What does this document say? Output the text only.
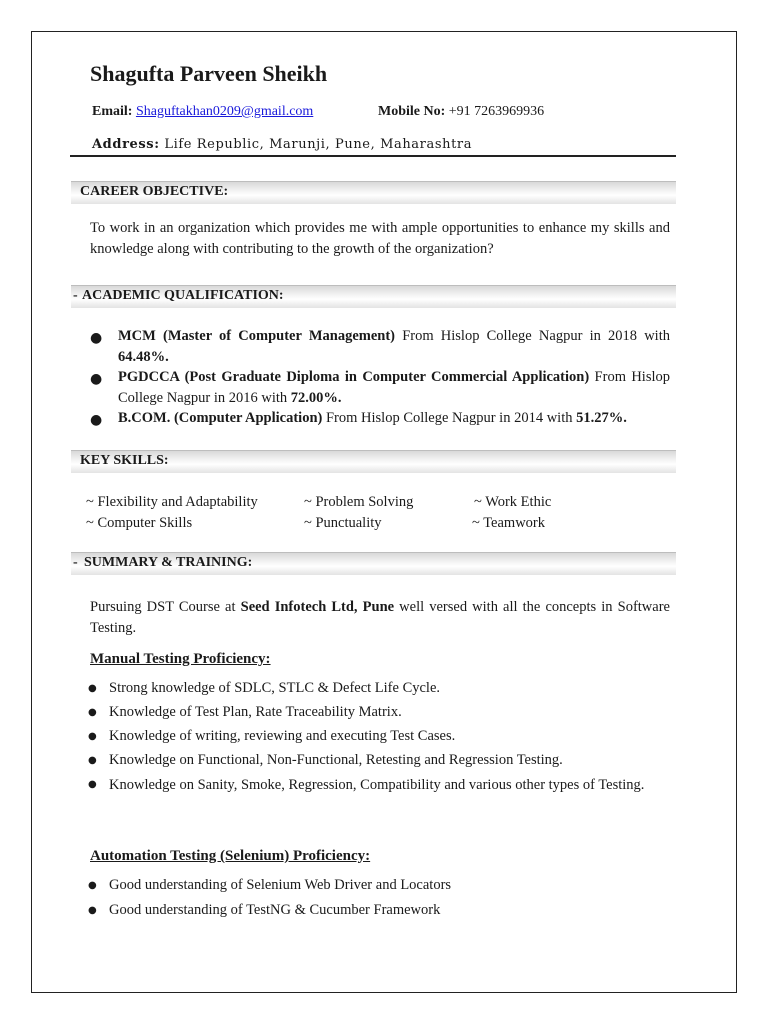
Shagufta Parveen Sheikh
Email: Shaguftakhan0209@gmail.com	Mobile No: +91 7263969936
Address: Life Republic, Marunji, Pune, Maharashtra
CAREER OBJECTIVE:
To work in an organization which provides me with ample opportunities to enhance my skills and knowledge along with contributing to the growth of the organization?
- ACADEMIC QUALIFICATION:
● MCM (Master of Computer Management) From Hislop College Nagpur in 2018 with 64.48%.
● PGDCCA (Post Graduate Diploma in Computer Commercial Application) From Hislop College Nagpur in 2016 with 72.00%.
● B.COM. (Computer Application) From Hislop College Nagpur in 2014 with 51.27%.
KEY SKILLS:
~ Flexibility and Adaptability	~ Problem Solving	~ Work Ethic
~ Computer Skills	~ Punctuality	~ Teamwork
- SUMMARY & TRAINING:
Pursuing DST Course at Seed Infotech Ltd, Pune well versed with all the concepts in Software Testing.
Manual Testing Proficiency:
● Strong knowledge of SDLC, STLC & Defect Life Cycle.
● Knowledge of Test Plan, Rate Traceability Matrix.
● Knowledge of writing, reviewing and executing Test Cases.
● Knowledge on Functional, Non-Functional, Retesting and Regression Testing.
● Knowledge on Sanity, Smoke, Regression, Compatibility and various other types of Testing.
Automation Testing (Selenium) Proficiency:
● Good understanding of Selenium Web Driver and Locators
● Good understanding of TestNG & Cucumber Framework
